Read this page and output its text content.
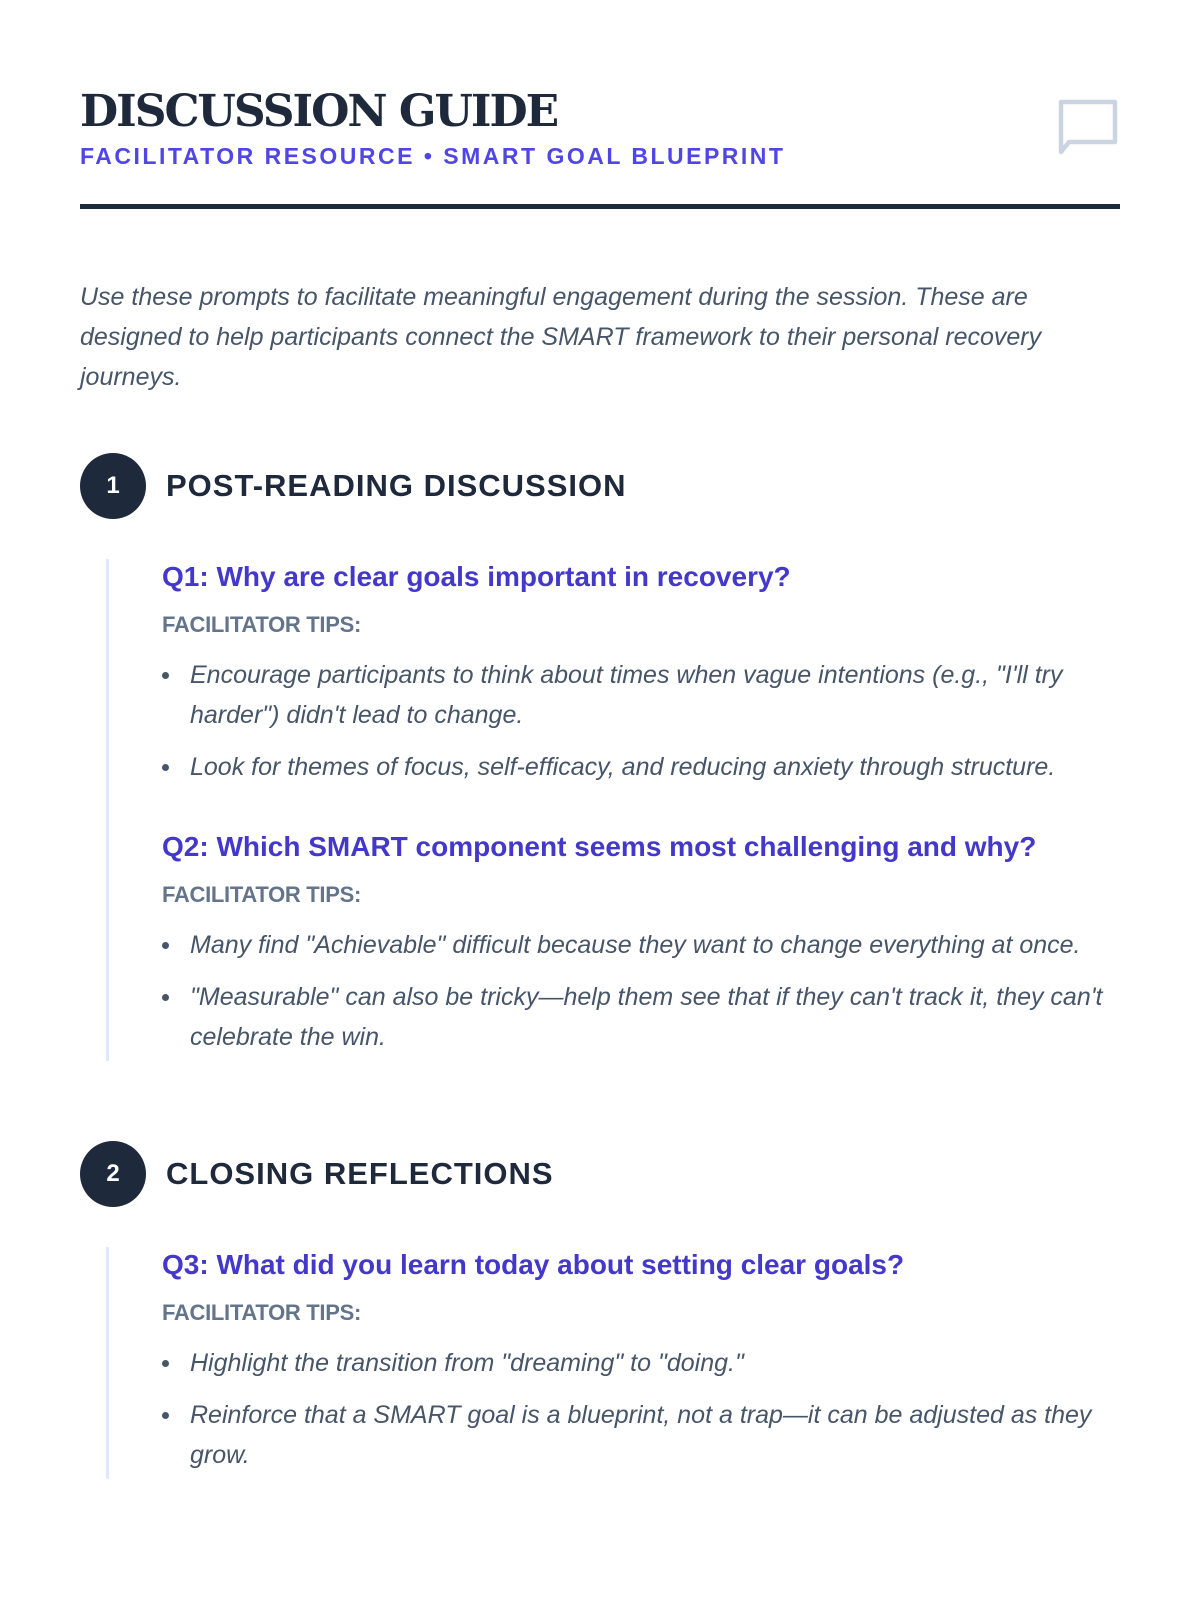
DISCUSSION GUIDE
FACILITATOR RESOURCE • SMART GOAL BLUEPRINT

Use these prompts to facilitate meaningful engagement during the session. These are designed to help participants connect the SMART framework to their personal recovery journeys.

1	POST-READING DISCUSSION
Q1: Why are clear goals important in recovery?
FACILITATOR TIPS:
Encourage participants to think about times when vague intentions (e.g., "I'll try harder") didn't lead to change.
Look for themes of focus, self-efficacy, and reducing anxiety through structure.
Q2: Which SMART component seems most challenging and why?
FACILITATOR TIPS:
Many find "Achievable" difficult because they want to change everything at once.
"Measurable" can also be tricky—help them see that if they can't track it, they can't celebrate the win.
2	CLOSING REFLECTIONS
Q3: What did you learn today about setting clear goals?
FACILITATOR TIPS:
Highlight the transition from "dreaming" to "doing."
Reinforce that a SMART goal is a blueprint, not a trap—it can be adjusted as they grow.
